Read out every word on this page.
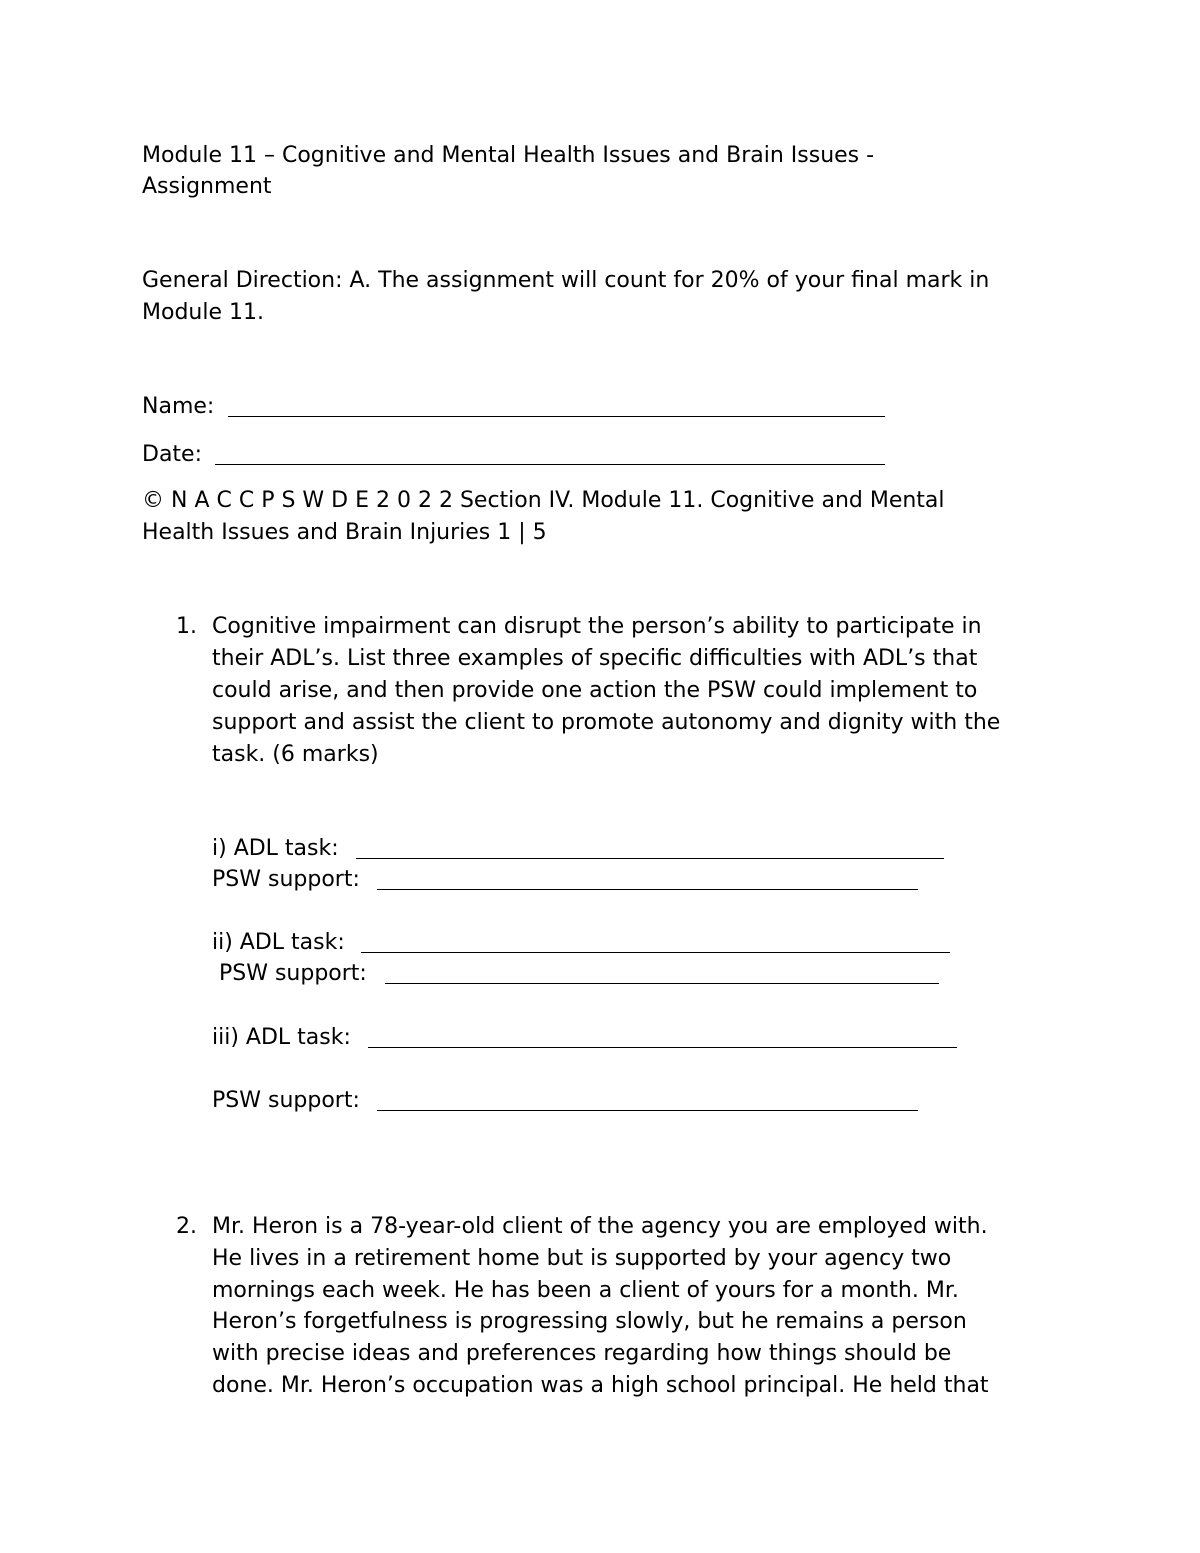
Module 11 – Cognitive and Mental Health Issues and Brain Issues -
Assignment
General Direction: A. The assignment will count for 20% of your final mark in
Module 11.
Name:
Date:
© N A C C P S W D E 2 0 2 2 Section IV. Module 11. Cognitive and Mental
Health Issues and Brain Injuries 1 | 5
1. Cognitive impairment can disrupt the person’s ability to participate in
their ADL’s. List three examples of specific difficulties with ADL’s that
could arise, and then provide one action the PSW could implement to
support and assist the client to promote autonomy and dignity with the
task. (6 marks)
i) ADL task:
PSW support:
ii) ADL task:
PSW support:
iii) ADL task:
PSW support:
2. Mr. Heron is a 78-year-old client of the agency you are employed with.
He lives in a retirement home but is supported by your agency two
mornings each week. He has been a client of yours for a month. Mr.
Heron’s forgetfulness is progressing slowly, but he remains a person
with precise ideas and preferences regarding how things should be
done. Mr. Heron’s occupation was a high school principal. He held that
